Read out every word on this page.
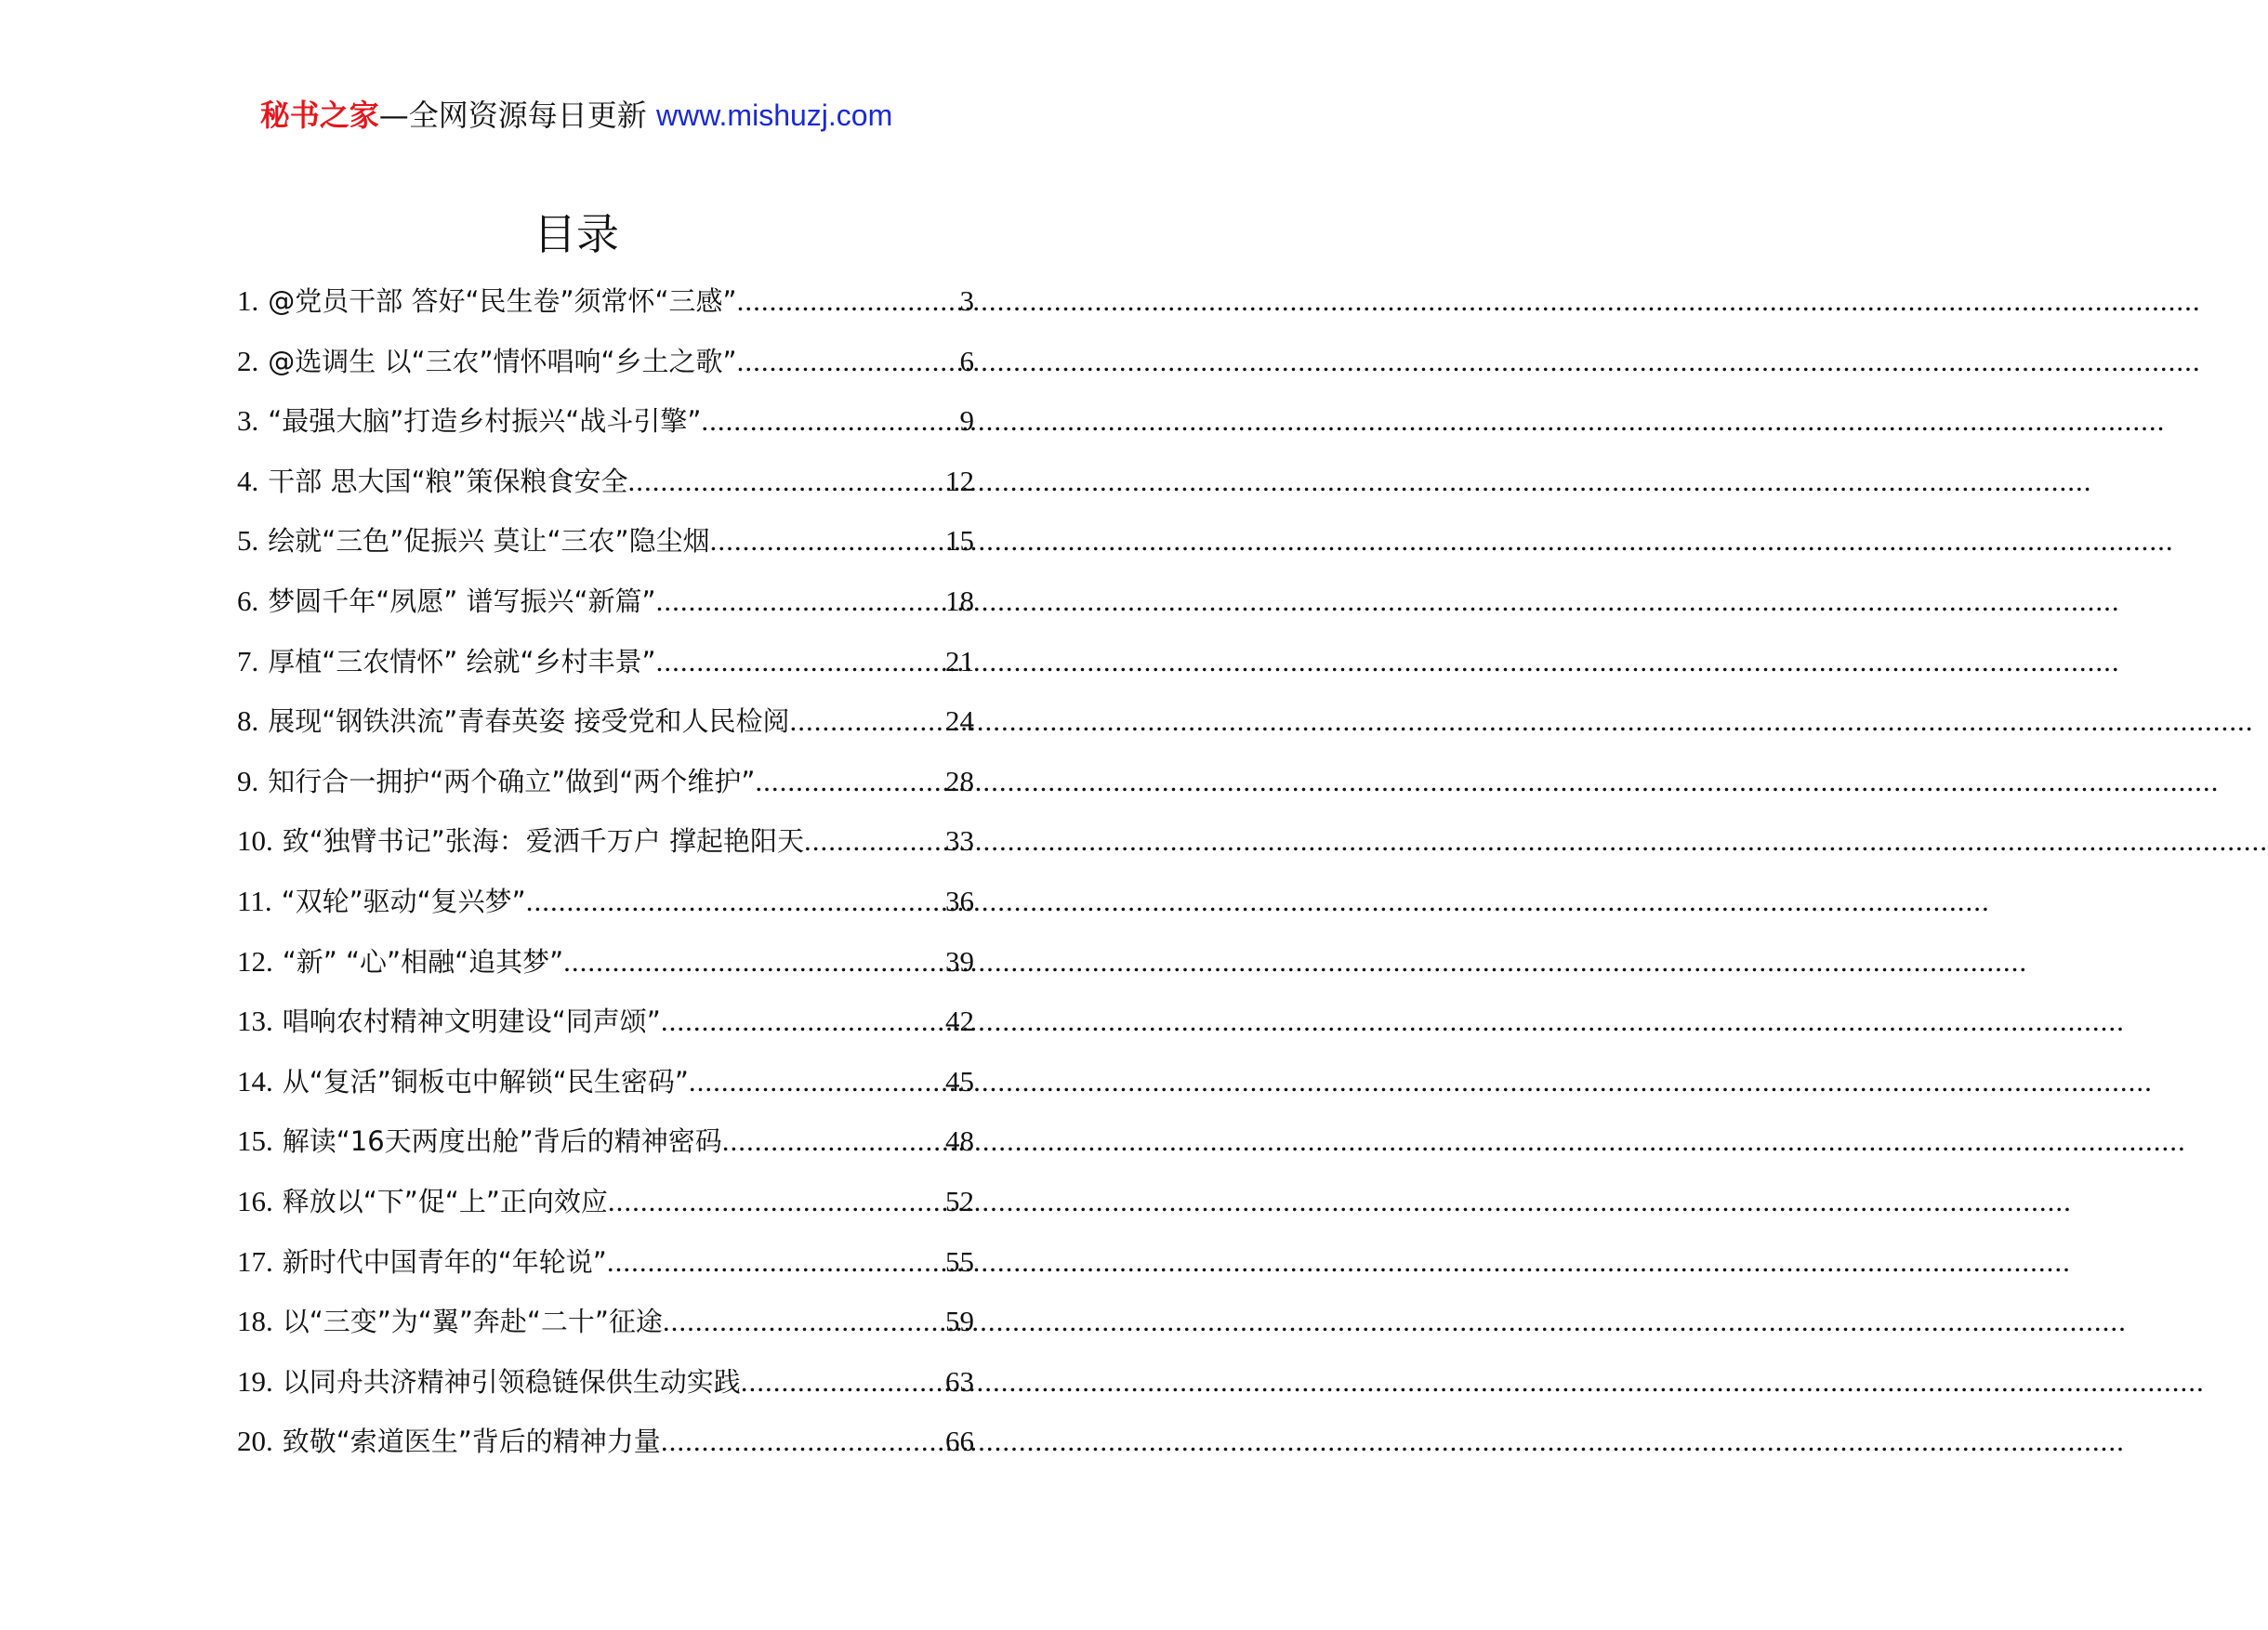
秘书之家—全网资源每日更新 www.mishuzj.com
目录
1. @党员干部 答好“民生卷”须常怀“三感” .....	3
2. @选调生 以“三农”情怀唱响“乡土之歌” .....	6
3. “最强大脑”打造乡村振兴“战斗引擎” .....	9
4. 干部 思大国“粮”策保粮食安全 .....	12
5. 绘就“三色”促振兴 莫让“三农”隐尘烟 .....	15
6. 梦圆千年“夙愿” 谱写振兴“新篇” .....	18
7. 厚植“三农情怀” 绘就“乡村丰景” .....	21
8. 展现“钢铁洪流”青春英姿 接受党和人民检阅 .....	24
9. 知行合一拥护“两个确立”做到“两个维护” .....	28
10. 致“独臂书记”张海：爱洒千万户 撑起艳阳天 .....	33
11. “双轮”驱动“复兴梦” .....	36
12. “新” “心”相融“追其梦” .....	39
13. 唱响农村精神文明建设“同声颂” .....	42
14. 从“复活”铜板屯中解锁“民生密码” .....	45
15. 解读“16天两度出舱”背后的精神密码 .....	48
16. 释放以“下”促“上”正向效应 .....	52
17. 新时代中国青年的“年轮说” .....	55
18. 以“三变”为“翼”奔赴“二十”征途 .....	59
19. 以同舟共济精神引领稳链保供生动实践 .....	63
20. 致敬“索道医生”背后的精神力量 .....	66
